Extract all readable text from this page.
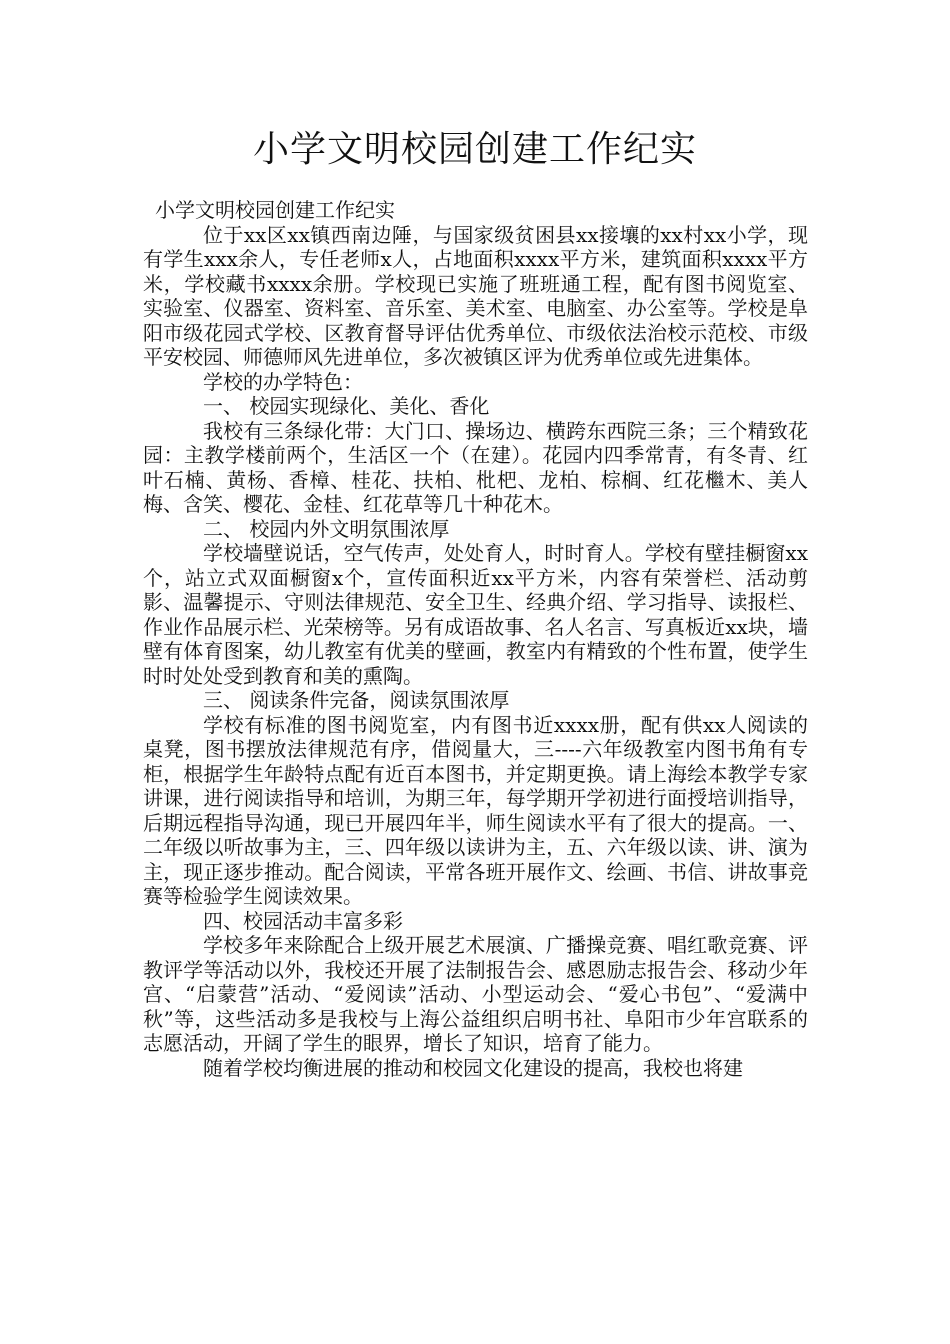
小学文明校园创建工作纪实

小学文明校园创建工作纪实

位于xx区xx镇西南边陲，与国家级贫困县xx接壤的xx村xx小学，现有学生xxx余人，专任老师x人，占地面积xxxx平方米，建筑面积xxxx平方米，学校藏书xxxx余册。学校现已实施了班班通工程，配有图书阅览室、实验室、仪器室、资料室、音乐室、美术室、电脑室、办公室等。学校是阜阳市级花园式学校、区教育督导评估优秀单位、市级依法治校示范校、市级平安校园、师德师风先进单位，多次被镇区评为优秀单位或先进集体。

学校的办学特色：

一、 校园实现绿化、美化、香化

我校有三条绿化带：大门口、操场边、横跨东西院三条；三个精致花园：主教学楼前两个，生活区一个（在建）。花园内四季常青，有冬青、红叶石楠、黄杨、香樟、桂花、扶柏、枇杷、龙柏、棕榈、红花檵木、美人梅、含笑、樱花、金桂、红花草等几十种花木。

二、 校园内外文明氛围浓厚

学校墙壁说话，空气传声，处处育人，时时育人。学校有壁挂橱窗xx个，站立式双面橱窗x个，宣传面积近xx平方米，内容有荣誉栏、活动剪影、温馨提示、守则法律规范、安全卫生、经典介绍、学习指导、读报栏、作业作品展示栏、光荣榜等。另有成语故事、名人名言、写真板近xx块，墙壁有体育图案，幼儿教室有优美的壁画，教室内有精致的个性布置，使学生时时处处受到教育和美的熏陶。

三、 阅读条件完备，阅读氛围浓厚

学校有标准的图书阅览室，内有图书近xxxx册，配有供xx人阅读的桌凳，图书摆放法律规范有序，借阅量大，三----六年级教室内图书角有专柜，根据学生年龄特点配有近百本图书，并定期更换。请上海绘本教学专家讲课，进行阅读指导和培训，为期三年，每学期开学初进行面授培训指导，后期远程指导沟通，现已开展四年半，师生阅读水平有了很大的提高。一、二年级以听故事为主，三、四年级以读讲为主，五、六年级以读、讲、演为主，现正逐步推动。配合阅读，平常各班开展作文、绘画、书信、讲故事竞赛等检验学生阅读效果。

四、校园活动丰富多彩

学校多年来除配合上级开展艺术展演、广播操竞赛、唱红歌竞赛、评教评学等活动以外，我校还开展了法制报告会、感恩励志报告会、移动少年宫、“启蒙营”活动、“爱阅读”活动、小型运动会、“爱心书包”、“爱满中秋”等，这些活动多是我校与上海公益组织启明书社、阜阳市少年宫联系的志愿活动，开阔了学生的眼界，增长了知识，培育了能力。

随着学校均衡进展的推动和校园文化建设的提高，我校也将建
